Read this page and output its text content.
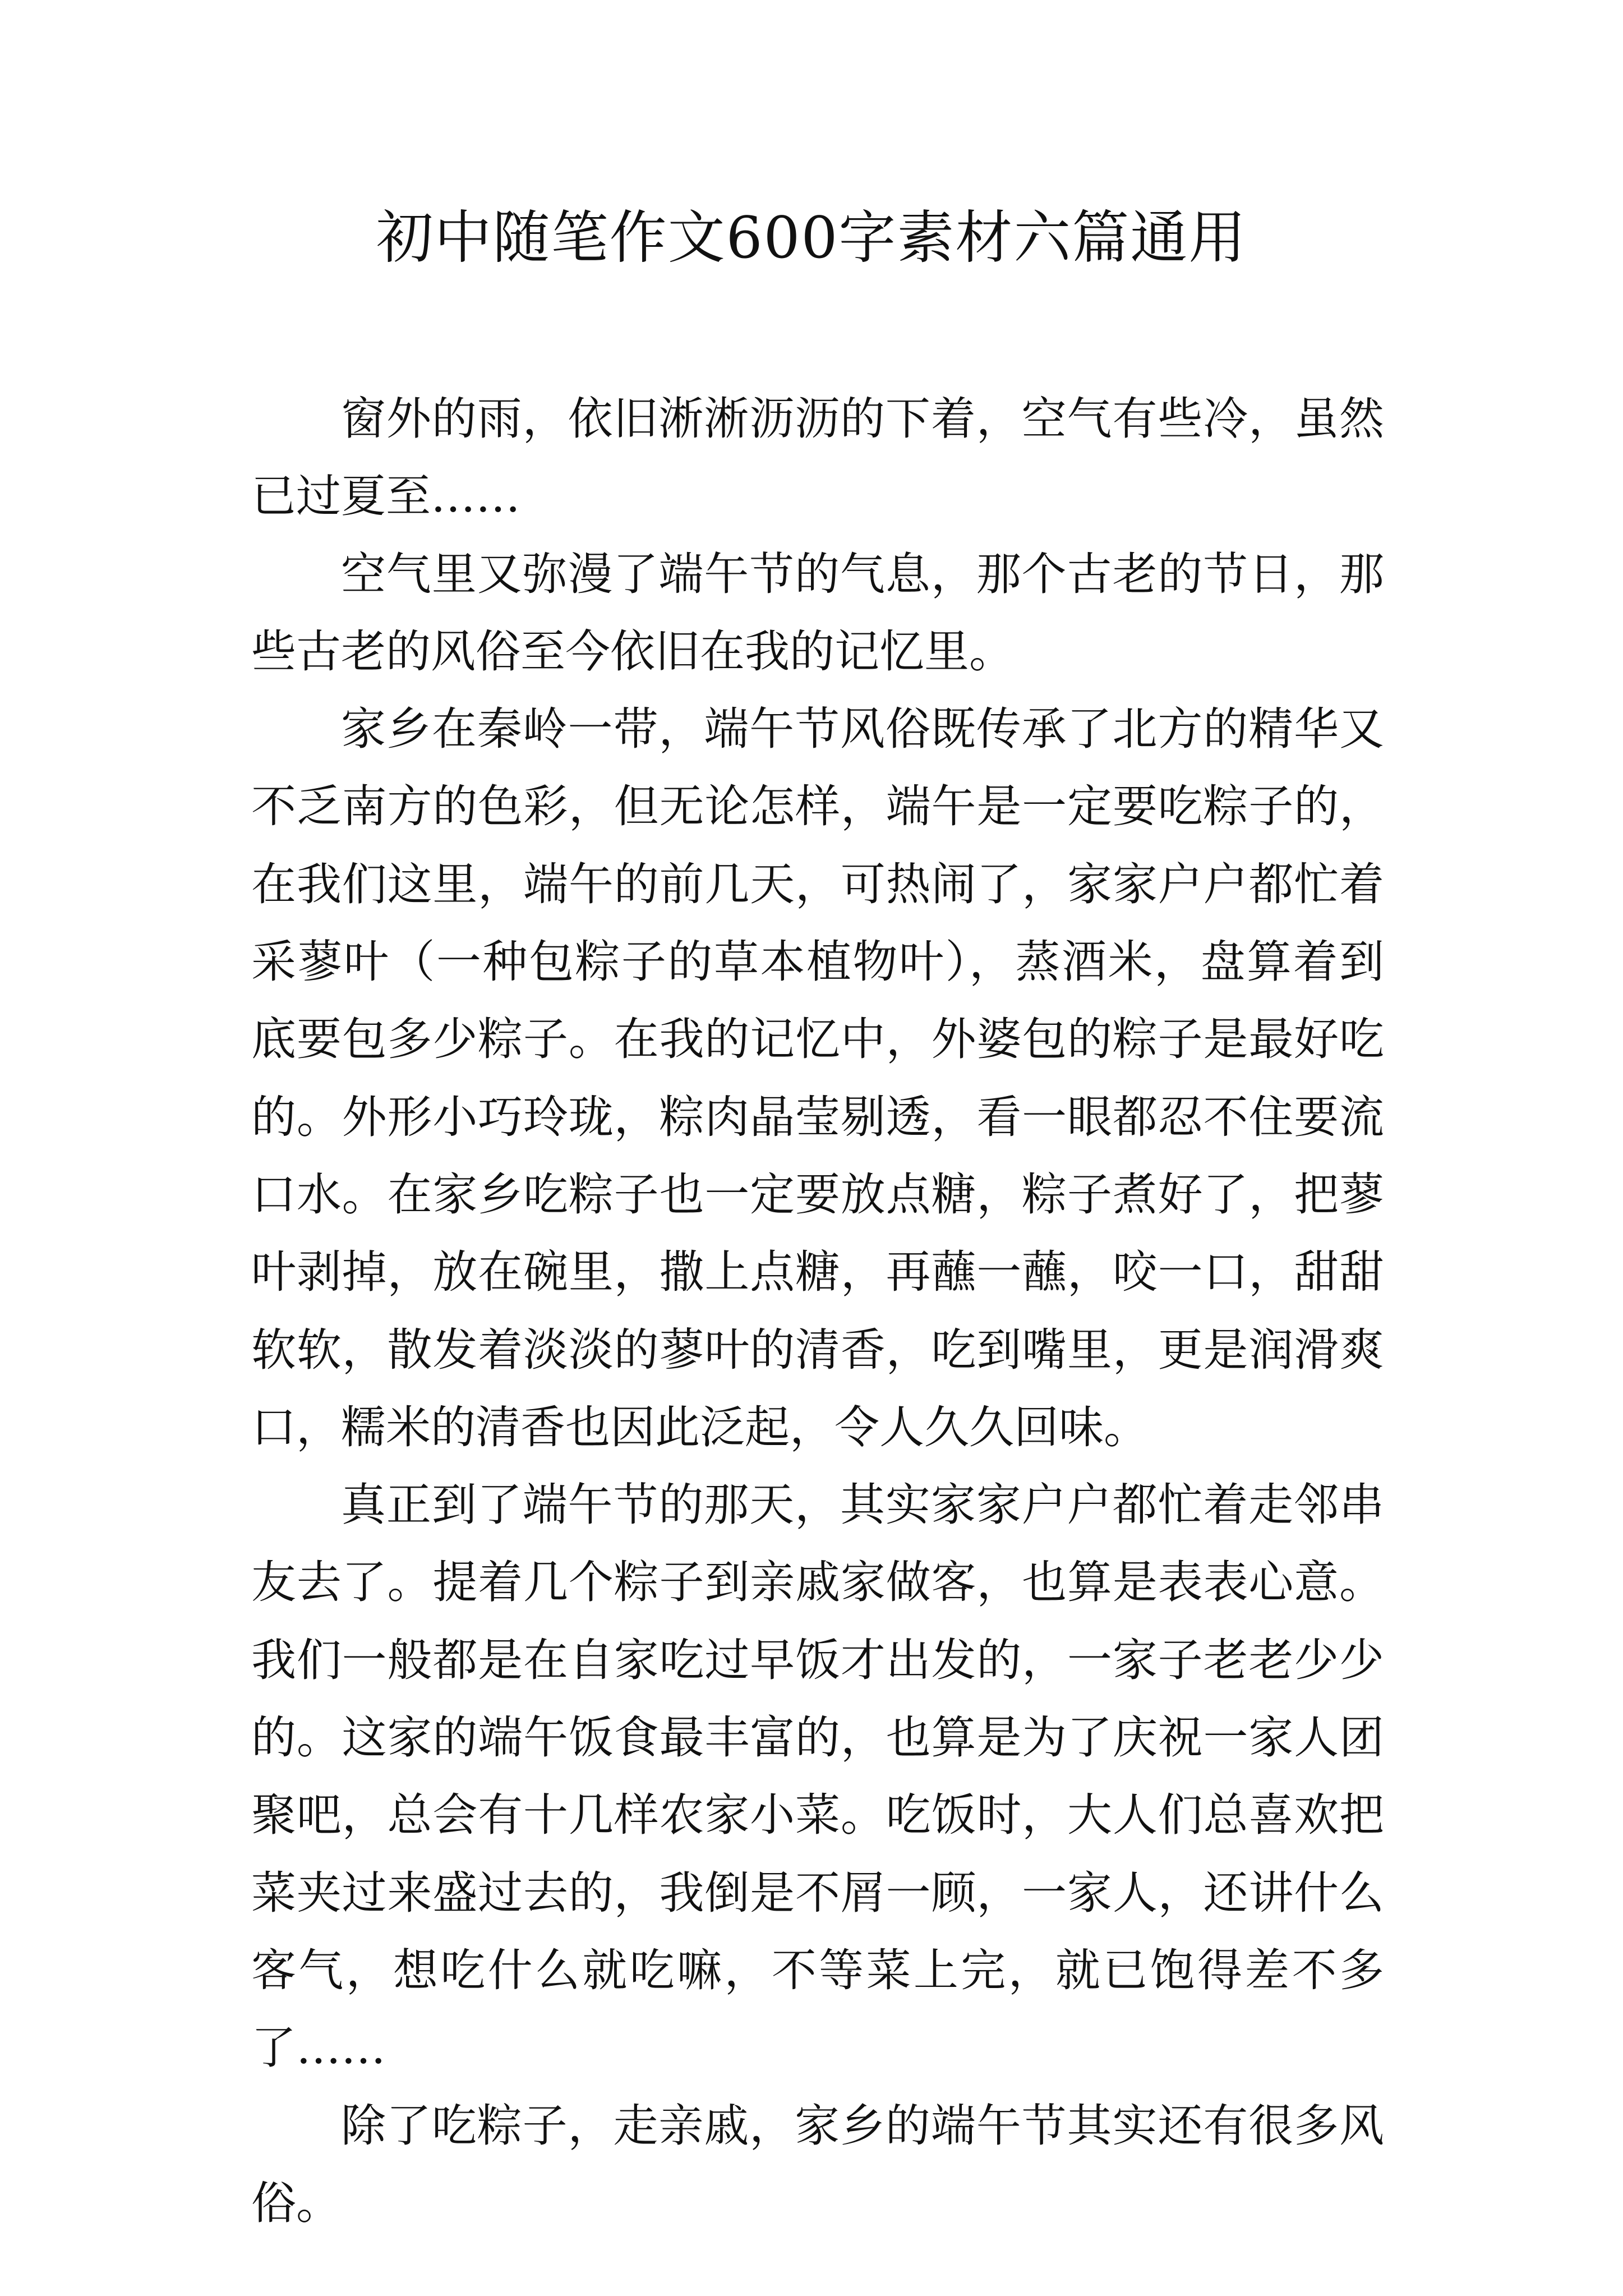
初中随笔作文600字素材六篇通用

窗外的雨，依旧淅淅沥沥的下着，空气有些冷，虽然已过夏至……

空气里又弥漫了端午节的气息，那个古老的节日，那些古老的风俗至今依旧在我的记忆里。

家乡在秦岭一带，端午节风俗既传承了北方的精华又不乏南方的色彩，但无论怎样，端午是一定要吃粽子的，在我们这里，端午的前几天，可热闹了，家家户户都忙着采蓼叶（一种包粽子的草本植物叶），蒸酒米，盘算着到底要包多少粽子。在我的记忆中，外婆包的粽子是最好吃的。外形小巧玲珑，粽肉晶莹剔透，看一眼都忍不住要流口水。在家乡吃粽子也一定要放点糖，粽子煮好了，把蓼叶剥掉，放在碗里，撒上点糖，再蘸一蘸，咬一口，甜甜软软，散发着淡淡的蓼叶的清香，吃到嘴里，更是润滑爽口，糯米的清香也因此泛起，令人久久回味。

真正到了端午节的那天，其实家家户户都忙着走邻串友去了。提着几个粽子到亲戚家做客，也算是表表心意。我们一般都是在自家吃过早饭才出发的，一家子老老少少的。这家的端午饭食最丰富的，也算是为了庆祝一家人团聚吧，总会有十几样农家小菜。吃饭时，大人们总喜欢把菜夹过来盛过去的，我倒是不屑一顾，一家人，还讲什么客气，想吃什么就吃嘛，不等菜上完，就已饱得差不多了……

除了吃粽子，走亲戚，家乡的端午节其实还有很多风俗。
